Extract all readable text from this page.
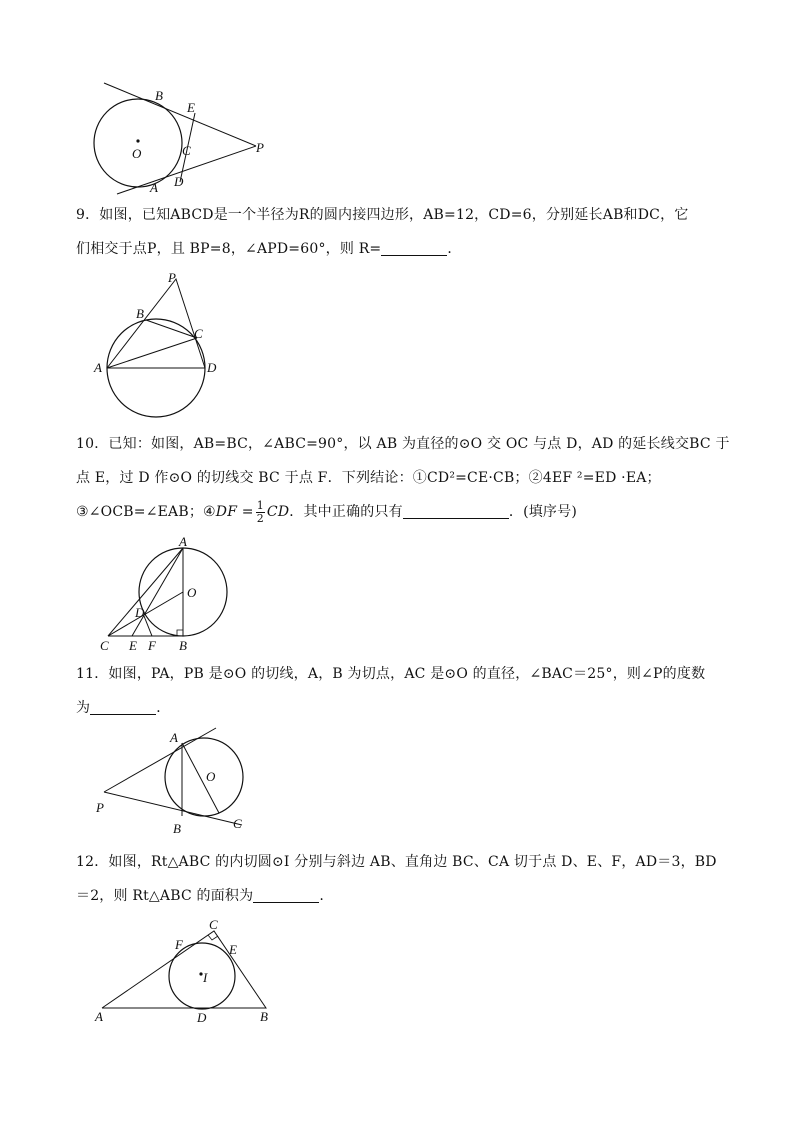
B
E
C	P
O
D
A
9．如图，已知ABCD是一个半径为R的圆内接四边形，AB=12，CD=6，分别延长AB和DC，它
们相交于点P，且 BP=8，∠APD=60°，则 R=	．
P
B
C
A	D
10．已知：如图，AB=BC，∠ABC=90°，以 AB 为直径的⊙O 交 OC 与点 D，AD 的延长线交BC 于
点 E，过 D 作⊙O 的切线交 BC 于点 F．下列结论：①CD²=CE·CB；②4EF ²=ED ·EA；
③∠OCB=∠EAB；④DF = $\frac{1}{2}$ CD．其中正确的只有	．(填序号)
A
O
D
C E F B
11．如图，PA，PB 是⊙O 的切线，A，B 为切点，AC 是⊙O 的直径，∠BAC＝25°，则∠P的度数
为	．
A
O
P
B	C
12．如图，Rt△ABC 的内切圆⊙I 分别与斜边 AB、直角边 BC、CA 切于点 D、E、F，AD＝3，BD
＝2，则 Rt△ABC 的面积为	.
C
F	E
I
A	D	B
